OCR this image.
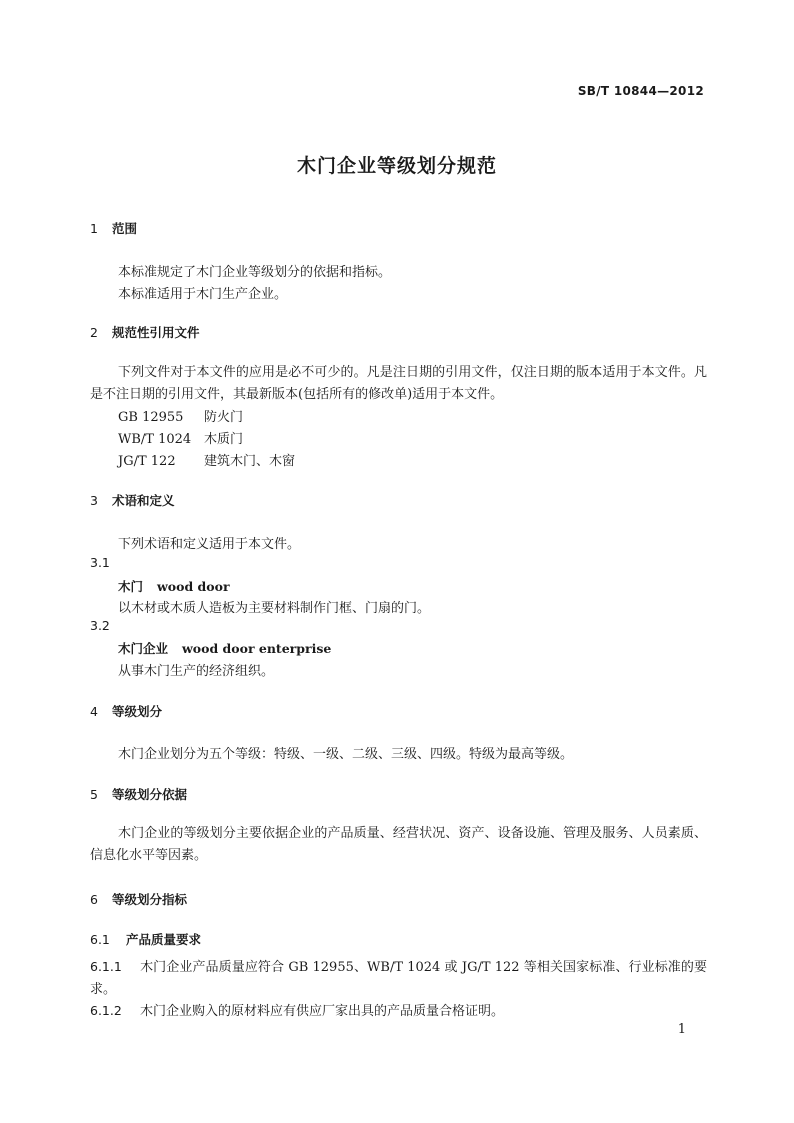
SB/T 10844—2012
木门企业等级划分规范
1 范围
本标准规定了木门企业等级划分的依据和指标。
本标准适用于木门生产企业。
2 规范性引用文件
下列文件对于本文件的应用是必不可少的。凡是注日期的引用文件，仅注日期的版本适用于本文件。凡是不注日期的引用文件，其最新版本(包括所有的修改单)适用于本文件。
GB 12955 防火门
WB/T 1024 木质门
JG/T 122 建筑木门、木窗
3 术语和定义
下列术语和定义适用于本文件。
3.1
木门 wood door
以木材或木质人造板为主要材料制作门框、门扇的门。
3.2
木门企业 wood door enterprise
从事木门生产的经济组织。
4 等级划分
木门企业划分为五个等级：特级、一级、二级、三级、四级。特级为最高等级。
5 等级划分依据
木门企业的等级划分主要依据企业的产品质量、经营状况、资产、设备设施、管理及服务、人员素质、信息化水平等因素。
6 等级划分指标
6.1 产品质量要求
6.1.1 木门企业产品质量应符合 GB 12955、WB/T 1024 或 JG/T 122 等相关国家标准、行业标准的要求。
6.1.2 木门企业购入的原材料应有供应厂家出具的产品质量合格证明。
1
